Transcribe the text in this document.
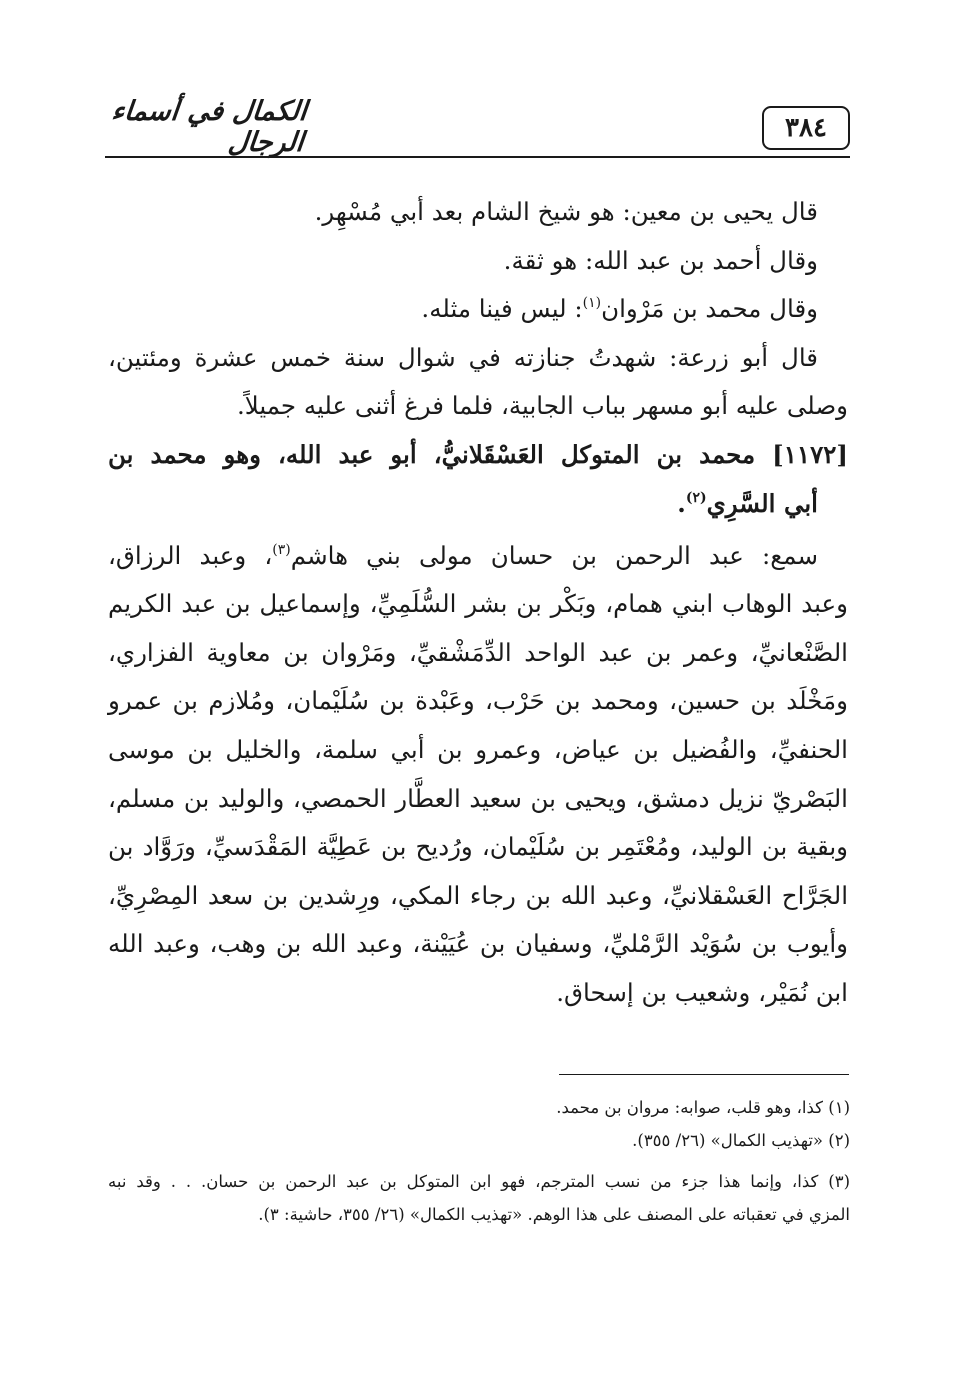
٣٨٤
الكمال في أسماء الرجال
قال يحيى بن معين: هو شيخ الشام بعد أبي مُسْهِر.
وقال أحمد بن عبد الله: هو ثقة.
وقال محمد بن مَرْوان$^{(١)}$: ليس فينا مثله.
قال أبو زرعة: شهدتُ جنازته في شوال سنة خمس عشرة ومئتين،
وصلى عليه أبو مسهر بباب الجابية، فلما فرغ أثنى عليه جميلاً.
[١١٧٢] محمد بن المتوكل العَسْقَلانيُّ، أبو عبد الله، وهو محمد بن
أبي السَّرِي$^{(٢)}$.
سمع: عبد الرحمن بن حسان مولى بني هاشم$^{(٣)}$، وعبد الرزاق،
وعبد الوهاب ابني همام، وبَكْر بن بشر السُّلَمِيِّ، وإسماعيل بن عبد الكريم
الصَّنْعانيِّ، وعمر بن عبد الواحد الدِّمَشْقيِّ، ومَرْوان بن معاوية الفزاري،
ومَخْلَد بن حسين، ومحمد بن حَرْب، وعَبْدة بن سُلَيْمان، ومُلازم بن عمرو
الحنفيِّ، والفُضيل بن عياض، وعمرو بن أبي سلمة، والخليل بن موسى
البَصْريّ نزيل دمشق، ويحيى بن سعيد العطَّار الحمصي، والوليد بن مسلم،
وبقية بن الوليد، ومُعْتَمِر بن سُلَيْمان، ورُديح بن عَطِيَّة المَقْدَسيِّ، ورَوَّاد بن
الجَرَّاح العَسْقلانيِّ، وعبد الله بن رجاء المكي، ورِشدين بن سعد المِصْرِيِّ،
وأيوب بن سُوَيْد الرَّمْليِّ، وسفيان بن عُيَيْنة، وعبد الله بن وهب، وعبد الله
ابن نُمَيْر، وشعيب بن إسحاق.
(١) كذا، وهو قلب، صوابه: مروان بن محمد.
(٢) «تهذيب الكمال» (٢٦/ ٣٥٥).
(٣) كذا، وإنما هذا جزء من نسب المترجم، فهو ابن المتوكل بن عبد الرحمن بن حسان. . . وقد نبه
المزي في تعقباته على المصنف على هذا الوهم. «تهذيب الكمال» (٢٦/ ٣٥٥، حاشية: ٣).
